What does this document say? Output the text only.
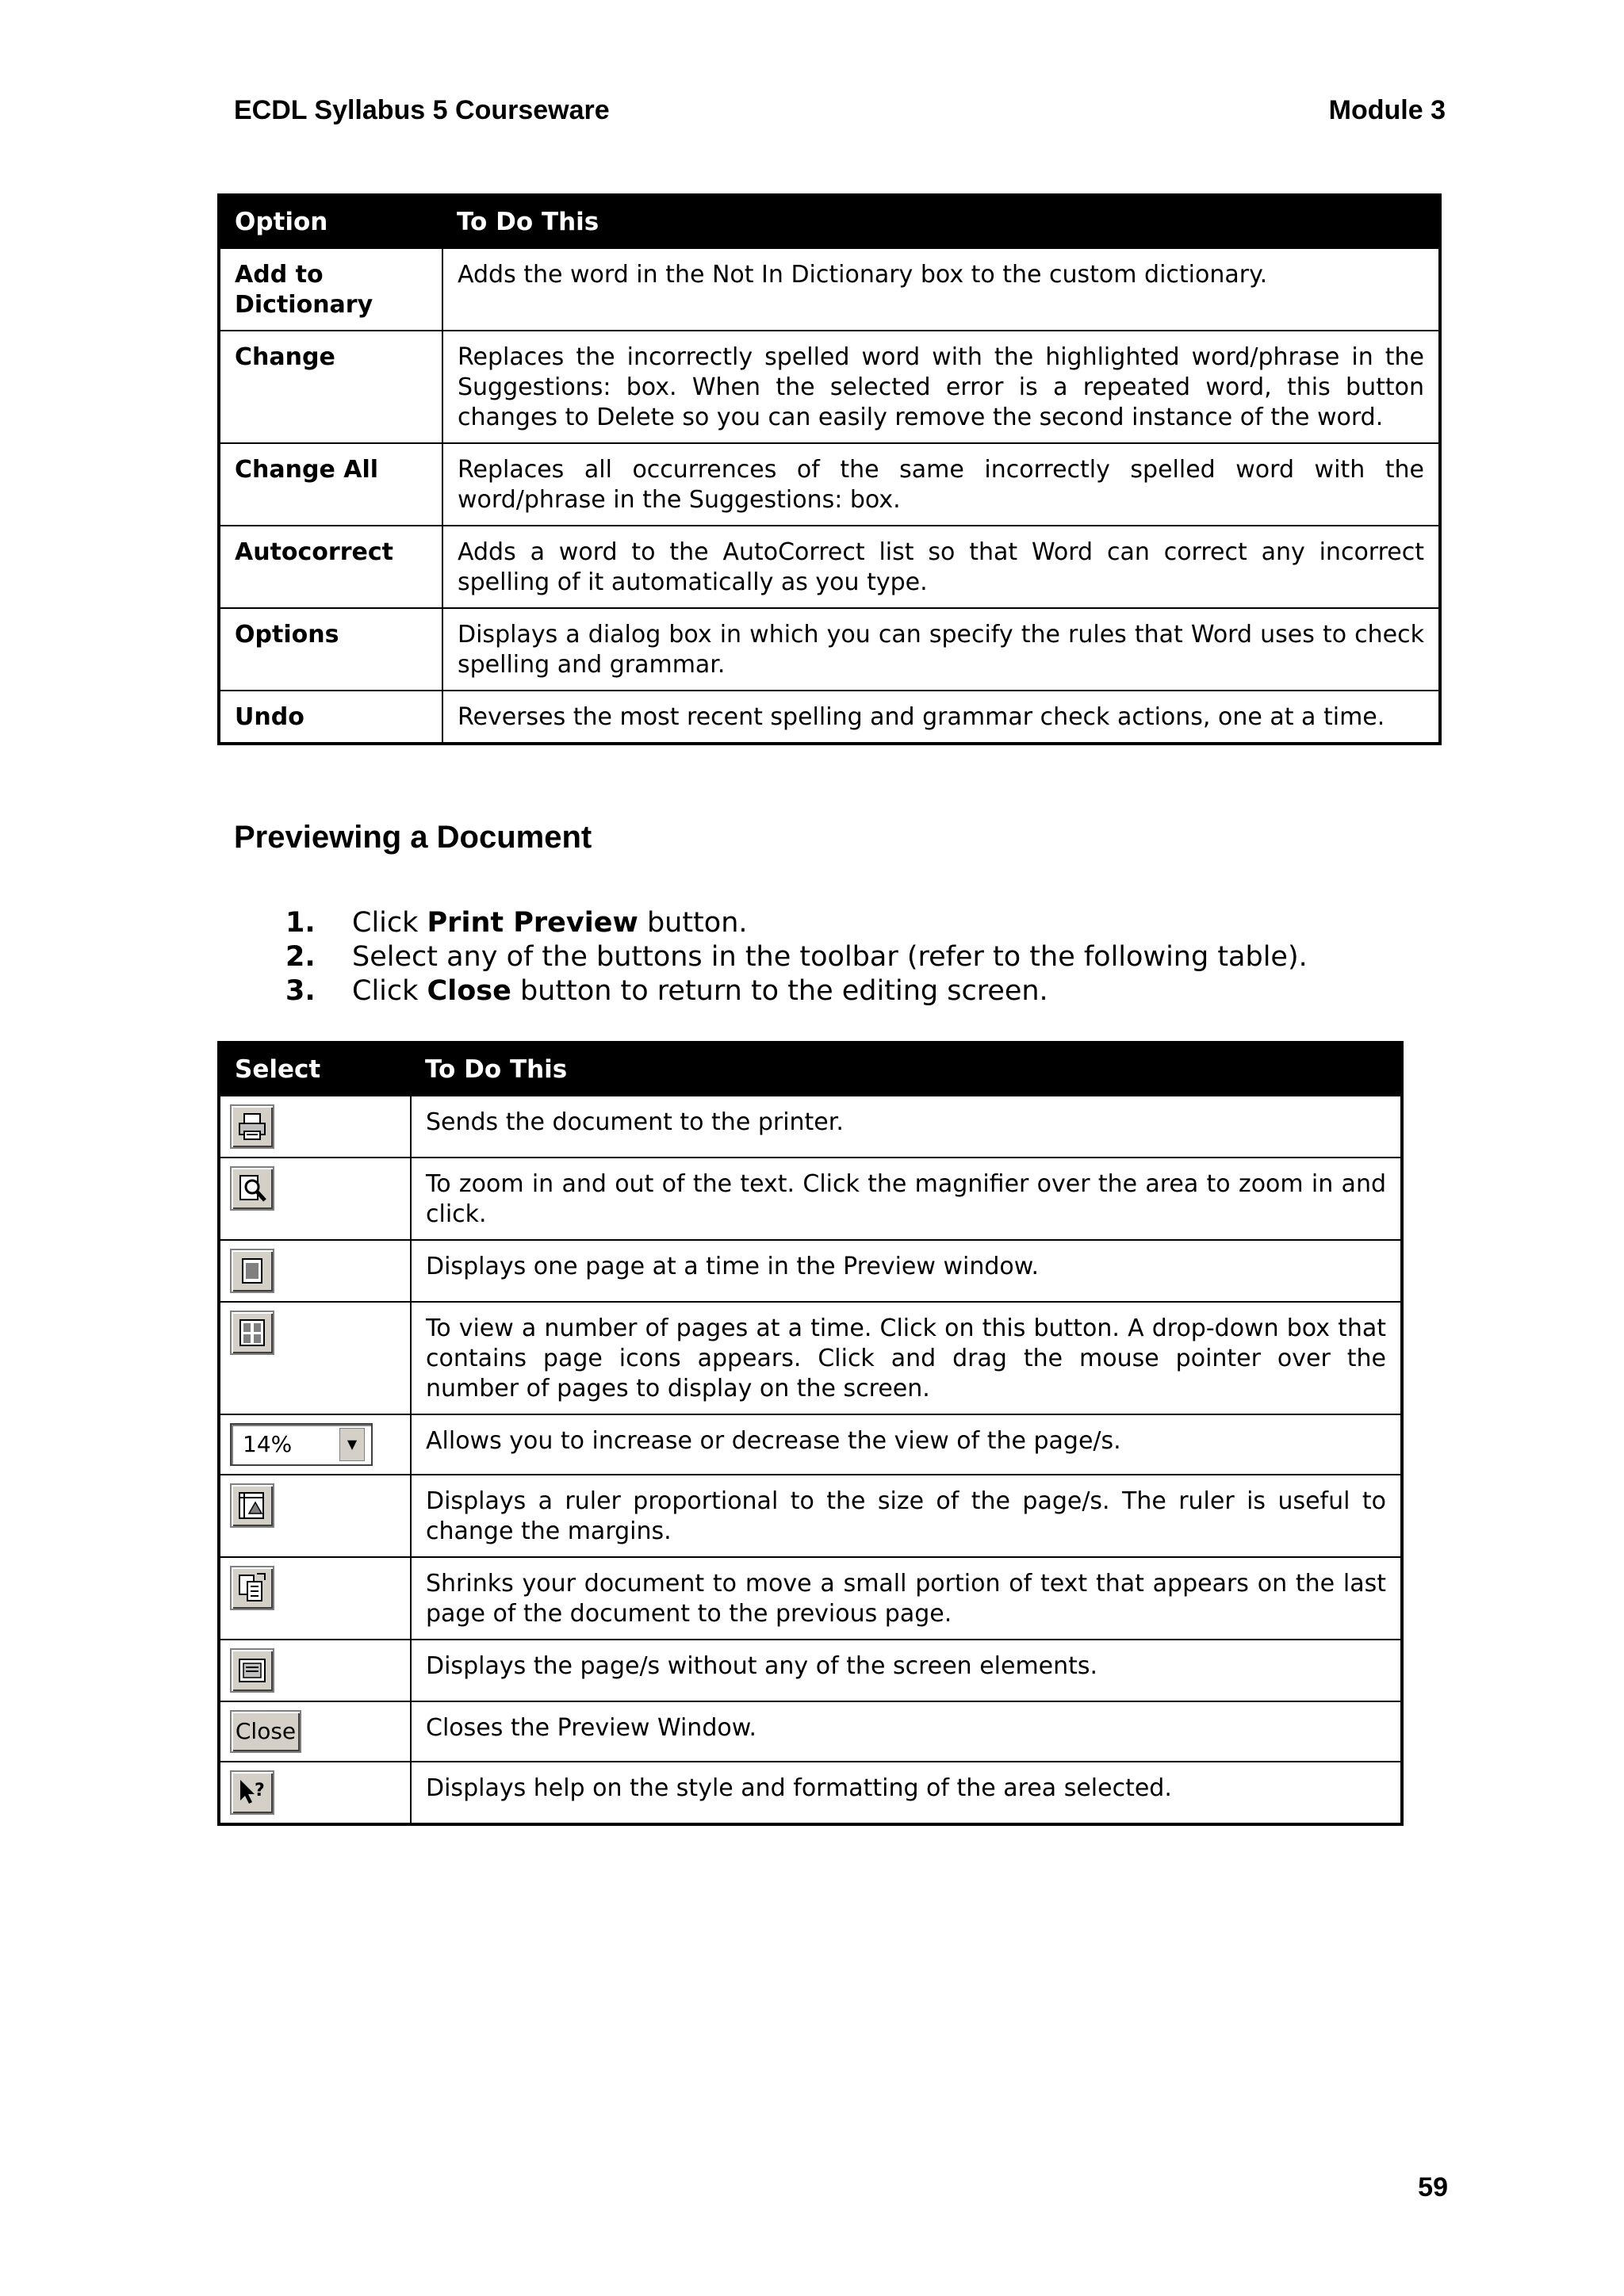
ECDL Syllabus 5 Courseware	Module 3
Option	To Do This
Add to Dictionary	Adds the word in the Not In Dictionary box to the custom dictionary.
Change	Replaces the incorrectly spelled word with the highlighted word/phrase in the Suggestions: box. When the selected error is a repeated word, this button changes to Delete so you can easily remove the second instance of the word.
Change All	Replaces all occurrences of the same incorrectly spelled word with the word/phrase in the Suggestions: box.
Autocorrect	Adds a word to the AutoCorrect list so that Word can correct any incorrect spelling of it automatically as you type.
Options	Displays a dialog box in which you can specify the rules that Word uses to check spelling and grammar.
Undo	Reverses the most recent spelling and grammar check actions, one at a time.
Previewing a Document
1.	Click Print Preview button.
2.	Select any of the buttons in the toolbar (refer to the following table).
3.	Click Close button to return to the editing screen.
Select	To Do This

	Sends the document to the printer.

	To zoom in and out of the text. Click the magnifier over the area to zoom in and click.

	Displays one page at a time in the Preview window.

	To view a number of pages at a time. Click on this button. A drop-down box that contains page icons appears. Click and drag the mouse pointer over the number of pages to display on the screen.

14% ▼	Allows you to increase or decrease the view of the page/s.

	Displays a ruler proportional to the size of the page/s. The ruler is useful to change the margins.

	Shrinks your document to move a small portion of text that appears on the last page of the document to the previous page.

	Displays the page/s without any of the screen elements.

Close	Closes the Preview Window.

?	Displays help on the style and formatting of the area selected.
59
